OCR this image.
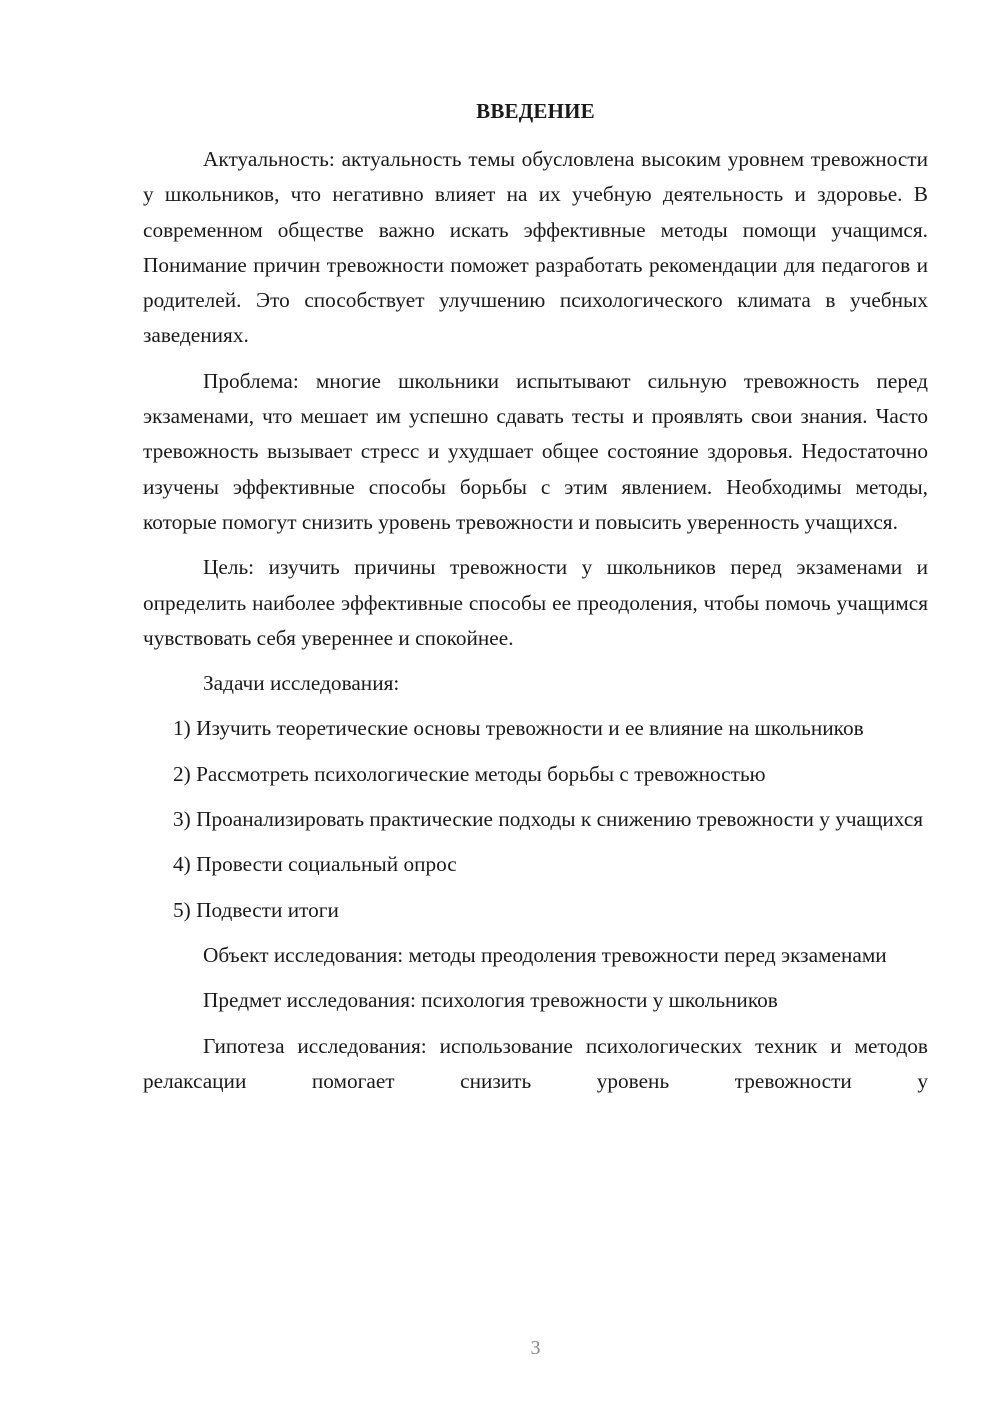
ВВЕДЕНИЕ

Актуальность: актуальность темы обусловлена высоким уровнем тревожности у школьников, что негативно влияет на их учебную деятельность и здоровье. В современном обществе важно искать эффективные методы помощи учащимся. Понимание причин тревожности поможет разработать рекомендации для педагогов и родителей. Это способствует улучшению психологического климата в учебных заведениях.

Проблема: многие школьники испытывают сильную тревожность перед экзаменами, что мешает им успешно сдавать тесты и проявлять свои знания. Часто тревожность вызывает стресс и ухудшает общее состояние здоровья. Недостаточно изучены эффективные способы борьбы с этим явлением. Необходимы методы, которые помогут снизить уровень тревожности и повысить уверенность учащихся.

Цель: изучить причины тревожности у школьников перед экзаменами и определить наиболее эффективные способы ее преодоления, чтобы помочь учащимся чувствовать себя увереннее и спокойнее.

Задачи исследования:

1) Изучить теоретические основы тревожности и ее влияние на школьников

2) Рассмотреть психологические методы борьбы с тревожностью

3) Проанализировать практические подходы к снижению тревожности у учащихся

4) Провести социальный опрос

5) Подвести итоги

Объект исследования: методы преодоления тревожности перед экзаменами

Предмет исследования: психология тревожности у школьников

Гипотеза исследования: использование психологических техник и методов релаксации помогает снизить уровень тревожности у

3
